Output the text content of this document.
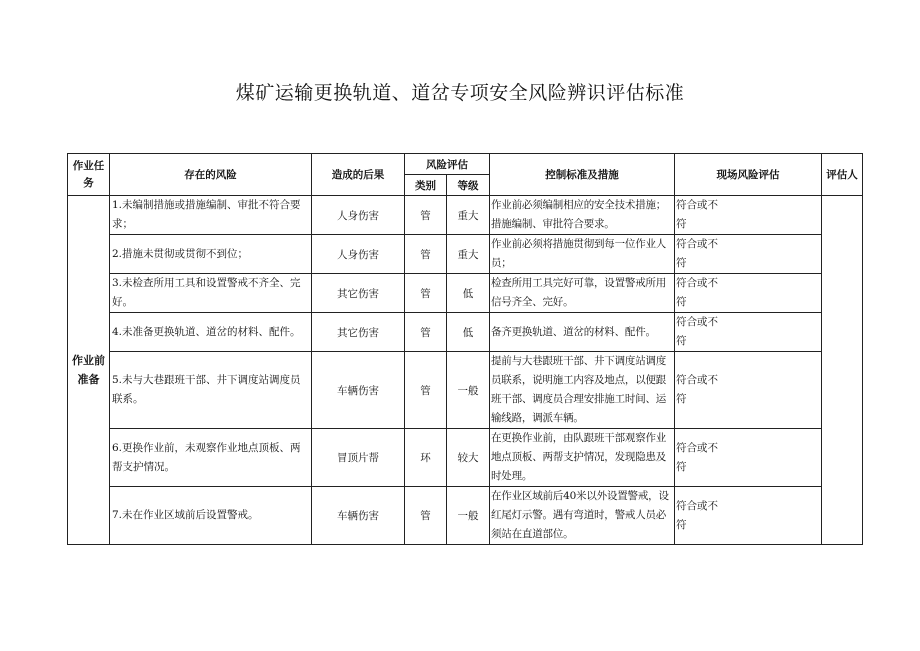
煤矿运输更换轨道、道岔专项安全风险辨识评估标准
作业任务	存在的风险	造成的后果	风险评估		控制标准及措施	现场风险评估	评估人
			类别	等级			
作业前准备	1.未编制措施或措施编制、审批不符合要求；	人身伤害	管	重大	作业前必须编制相应的安全技术措施；措施编制、审批符合要求。	符合或不符	

	2.措施未贯彻或贯彻不到位；	人身伤害	管	重大	作业前必须将措施贯彻到每一位作业人员；	符合或不符	

	3.未检查所用工具和设置警戒不齐全、完好。	其它伤害	管	低	检查所用工具完好可靠，设置警戒所用信号齐全、完好。	符合或不符	

	4.未准备更换轨道、道岔的材料、配件。	其它伤害	管	低	备齐更换轨道、道岔的材料、配件。	符合或不符	

	5.未与大巷跟班干部、井下调度站调度员联系。	车辆伤害	管	一般	提前与大巷跟班干部、井下调度站调度员联系，说明施工内容及地点，以便跟班干部、调度员合理安排施工时间、运输线路，调派车辆。	符合或不符	

	6.更换作业前，未观察作业地点顶板、两帮支护情况。	冒顶片帮	环	较大	在更换作业前，由队跟班干部观察作业地点顶板、两帮支护情况，发现隐患及时处理。	符合或不符	

	7.未在作业区域前后设置警戒。	车辆伤害	管	一般	在作业区域前后40米以外设置警戒，设红尾灯示警。遇有弯道时，警戒人员必须站在直道部位。	符合或不符	
